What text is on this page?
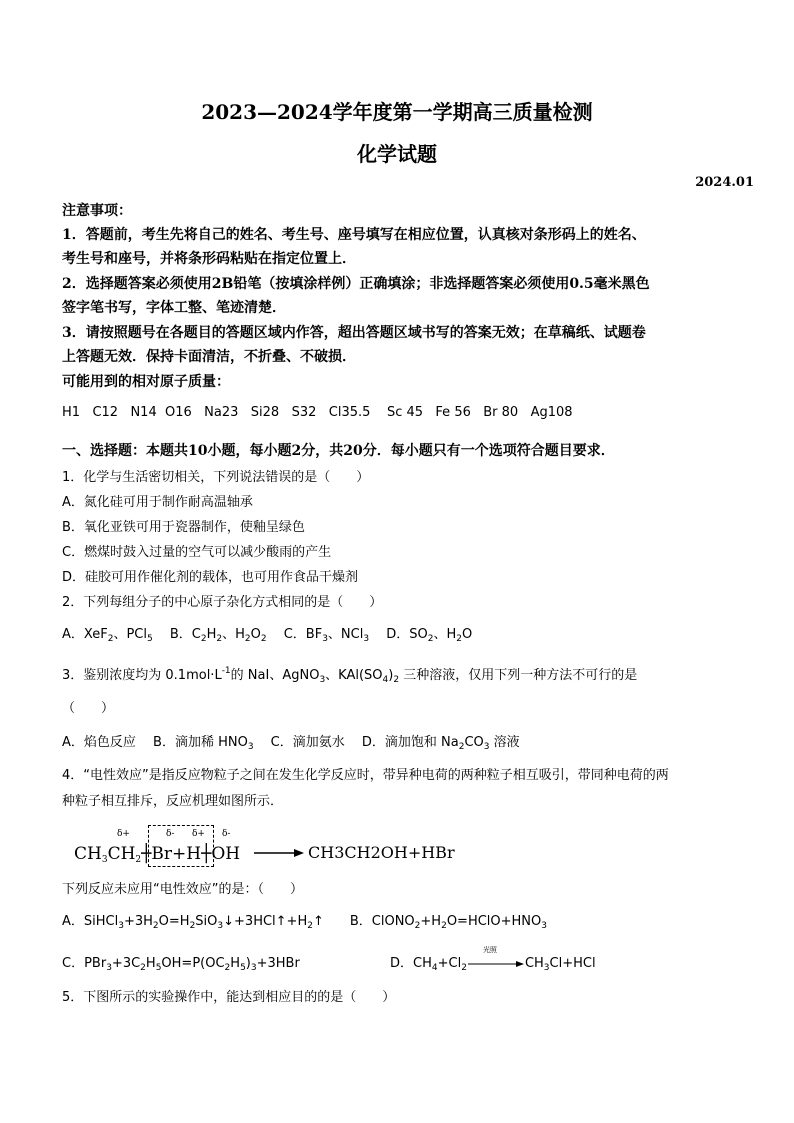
2023—2024学年度第一学期高三质量检测
化学试题
2024.01
注意事项：
1．答题前，考生先将自己的姓名、考生号、座号填写在相应位置，认真核对条形码上的姓名、
考生号和座号，并将条形码粘贴在指定位置上．
2．选择题答案必须使用2B铅笔（按填涂样例）正确填涂；非选择题答案必须使用0.5毫米黑色
签字笔书写，字体工整、笔迹清楚．
3．请按照题号在各题目的答题区域内作答，超出答题区域书写的答案无效；在草稿纸、试题卷
上答题无效．保持卡面清洁，不折叠、不破损．
可能用到的相对原子质量：
H1   C12   N14  O16   Na23   Si28   S32   Cl35.5    Sc 45   Fe 56   Br 80   Ag108
一、选择题：本题共10小题，每小题2分，共20分．每小题只有一个选项符合题目要求．
1．化学与生活密切相关，下列说法错误的是（　　）
A．氮化硅可用于制作耐高温轴承
B．氧化亚铁可用于瓷器制作，使釉呈绿色
C．燃煤时鼓入过量的空气可以减少酸雨的产生
D．硅胶可用作催化剂的载体，也可用作食品干燥剂
2．下列每组分子的中心原子杂化方式相同的是（　　）
A．XeF$_2$、PCl$_5$　 B．$C_2H_2$、$H_2O_2$　 C．$BF_3$、NCl$_3$　 D．$SO_2$、$H_2O$
3．鉴别浓度均为 $0.1mol\cdot L^{-1}$的 NaI、AgNO$_3$、$KAl(SO_4)_2$ 三种溶液，仅用下列一种方法不可行的是
（　　）
A．焰色反应　 B．滴加稀 $HNO_3$　 C．滴加氨水　 D．滴加饱和 $Na_2CO_3$ 溶液
4．“电性效应”是指反应物粒子之间在发生化学反应时，带异种电荷的两种粒子相互吸引，带同种电荷的两
种粒子相互排斥，反应机理如图所示．
δ+	δ- δ+ δ-
$CH_3CH_2┼Br+H┼OH \to CH3CH2OH+HBr$
下列反应未应用“电性效应”的是：（　　）
A．$SiHCl_3+3H_2O=H_2SiO_3↓+3HCl↑+H_2↑$　　B．$ClONO_2+H_2O=HClO+HNO_3$
C．$PBr_3+3C_2H_5OH=P(OC_2H_5)_3+3HBr$	D．$CH_4+Cl_2$
光照
$CH_3Cl+HCl$
5．下图所示的实验操作中，能达到相应目的的是（　　）
